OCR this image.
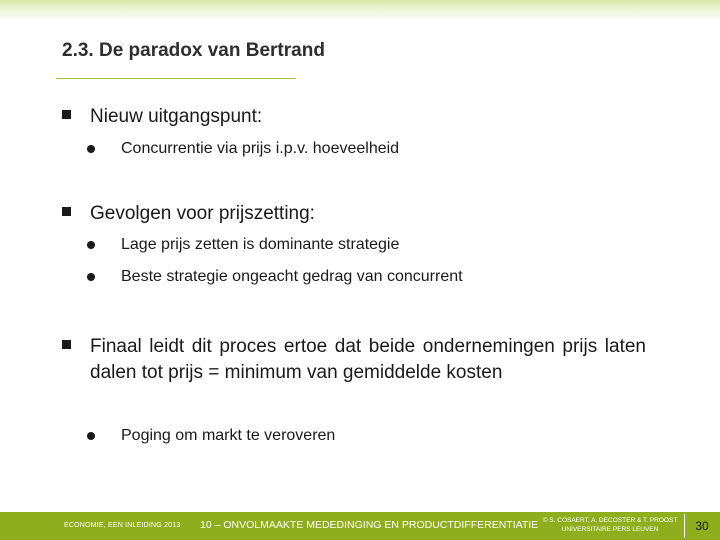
2.3. De paradox van Bertrand
Nieuw uitgangspunt:
Concurrentie via prijs i.p.v. hoeveelheid
Gevolgen voor prijszetting:
Lage prijs zetten is dominante strategie
Beste strategie ongeacht gedrag van concurrent
Finaal leidt dit proces ertoe dat beide ondernemingen prijs laten dalen tot prijs = minimum van gemiddelde kosten
Poging om markt te veroveren
ECONOMIE, EEN INLEIDING 2013 10 – ONVOLMAAKTE MEDEDINGING EN PRODUCTDIFFERENTIATIE © S. COSAERT, A. DECOSTER & T. PROOST
UNIVERSITAIRE PERS LEUVEN	30
